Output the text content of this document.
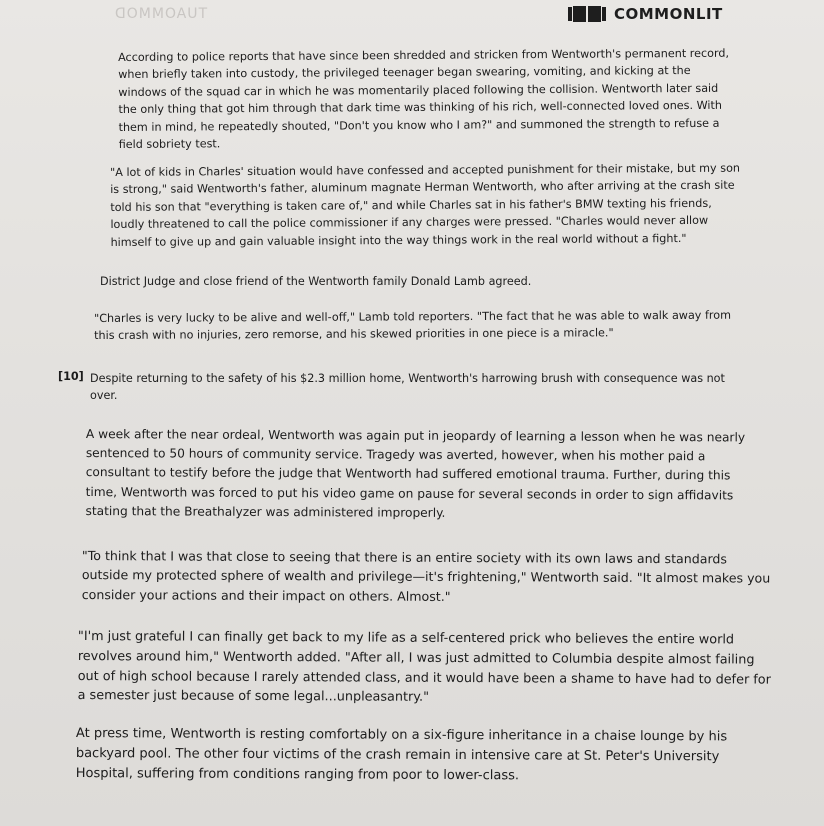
TUAOMMOD	COMMONLIT

According to police reports that have since been shredded and stricken from Wentworth's permanent record, when briefly taken into custody, the privileged teenager began swearing, vomiting, and kicking at the windows of the squad car in which he was momentarily placed following the collision. Wentworth later said the only thing that got him through that dark time was thinking of his rich, well-connected loved ones. With them in mind, he repeatedly shouted, "Don't you know who I am?" and summoned the strength to refuse a field sobriety test.

"A lot of kids in Charles' situation would have confessed and accepted punishment for their mistake, but my son is strong," said Wentworth's father, aluminum magnate Herman Wentworth, who after arriving at the crash site told his son that "everything is taken care of," and while Charles sat in his father's BMW texting his friends, loudly threatened to call the police commissioner if any charges were pressed. "Charles would never allow himself to give up and gain valuable insight into the way things work in the real world without a fight."

District Judge and close friend of the Wentworth family Donald Lamb agreed.

"Charles is very lucky to be alive and well-off," Lamb told reporters. "The fact that he was able to walk away from this crash with no injuries, zero remorse, and his skewed priorities in one piece is a miracle."

[10] Despite returning to the safety of his $2.3 million home, Wentworth's harrowing brush with consequence was not over.

A week after the near ordeal, Wentworth was again put in jeopardy of learning a lesson when he was nearly sentenced to 50 hours of community service. Tragedy was averted, however, when his mother paid a consultant to testify before the judge that Wentworth had suffered emotional trauma. Further, during this time, Wentworth was forced to put his video game on pause for several seconds in order to sign affidavits stating that the Breathalyzer was administered improperly.

"To think that I was that close to seeing that there is an entire society with its own laws and standards outside my protected sphere of wealth and privilege—it's frightening," Wentworth said. "It almost makes you consider your actions and their impact on others. Almost."

"I'm just grateful I can finally get back to my life as a self-centered prick who believes the entire world revolves around him," Wentworth added. "After all, I was just admitted to Columbia despite almost failing out of high school because I rarely attended class, and it would have been a shame to have had to defer for a semester just because of some legal...unpleasantry."

At press time, Wentworth is resting comfortably on a six-figure inheritance in a chaise lounge by his backyard pool. The other four victims of the crash remain in intensive care at St. Peter's University Hospital, suffering from conditions ranging from poor to lower-class.
